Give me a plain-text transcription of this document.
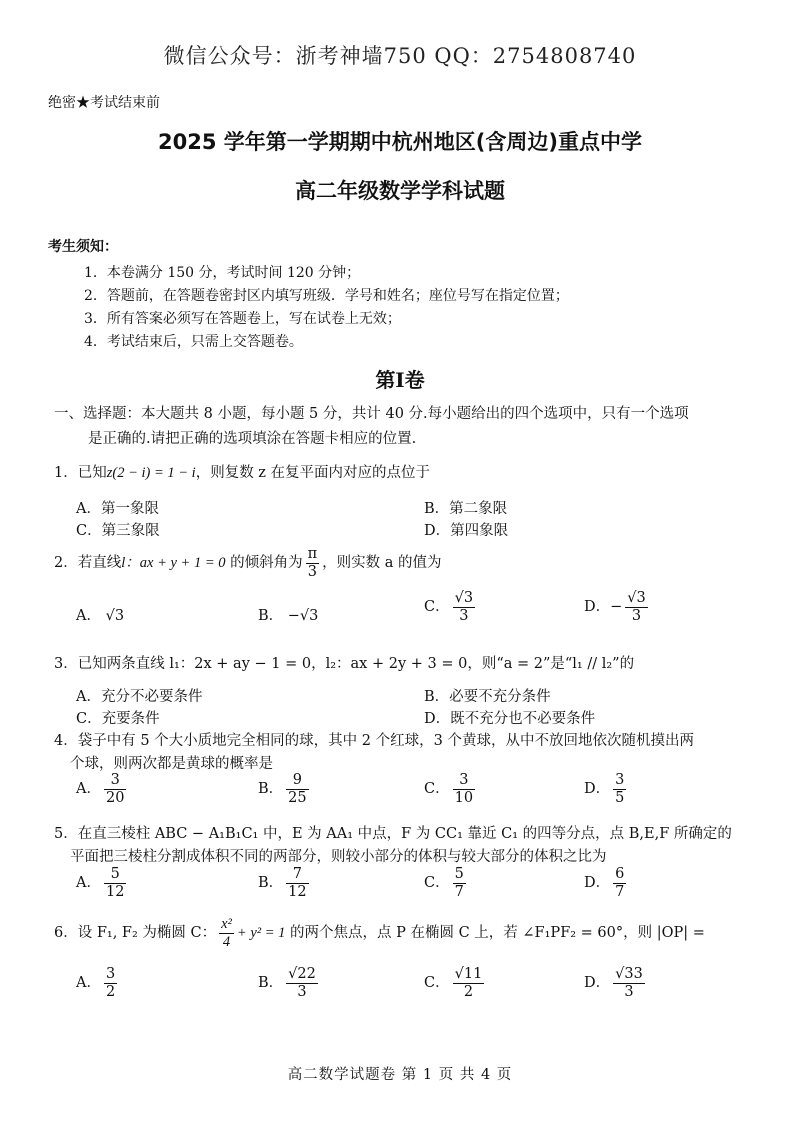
微信公众号：浙考神墙750 QQ：2754808740
绝密★考试结束前
2025 学年第一学期期中杭州地区(含周边)重点中学
高二年级数学学科试题
考生须知：
1．本卷满分 150 分，考试时间 120 分钟；
2．答题前，在答题卷密封区内填写班级．学号和姓名；座位号写在指定位置；
3．所有答案必须写在答题卷上，写在试卷上无效；
4．考试结束后，只需上交答题卷。
第Ⅰ卷
一、选择题：本大题共 8 小题，每小题 5 分，共计 40 分.每小题给出的四个选项中，只有一个选项
是正确的.请把正确的选项填涂在答题卡相应的位置.
1．已知z(2 − i) = 1 − i，则复数 z 在复平面内对应的点位于
A．第一象限	B．第二象限
C．第三象限	D．第四象限
2．若直线l：ax + y + 1 = 0 的倾斜角为 $\frac{\pi}{3}$ ，则实数 a 的值为
A． √3	B． −√3
C． $\frac{√3}{3}$	D．− $\frac{√3}{3}$
3．已知两条直线 l₁：2x + ay − 1 = 0，l₂：ax + 2y + 3 = 0，则“a = 2”是“l₁ // l₂”的
A．充分不必要条件	B．必要不充分条件
C．充要条件	D．既不充分也不必要条件
4．袋子中有 5 个大小质地完全相同的球，其中 2 个红球，3 个黄球，从中不放回地依次随机摸出两
个球，则两次都是黄球的概率是
A． $\frac{3}{20}$	B． $\frac{9}{25}$	C． $\frac{3}{10}$	D． $\frac{3}{5}$
5．在直三棱柱 ABC − A₁B₁C₁ 中，E 为 AA₁ 中点，F 为 CC₁ 靠近 C₁ 的四等分点，点 B,E,F 所确定的
平面把三棱柱分割成体积不同的两部分，则较小部分的体积与较大部分的体积之比为
A． $\frac{5}{12}$	B． $\frac{7}{12}$	C． $\frac{5}{7}$	D． $\frac{6}{7}$
6．设 F₁, F₂ 为椭圆 C： $\frac{\text{x²}}{4} + y^2 = 1$ 的两个焦点，点 P 在椭圆 C 上，若 ∠F₁PF₂ = 60°，则 |OP| =
A． $\frac{3}{2}$	B． $\frac{√22}{3}$	C． $\frac{√11}{2}$	D． $\frac{√33}{3}$
高二数学试题卷 第 1 页 共 4 页
